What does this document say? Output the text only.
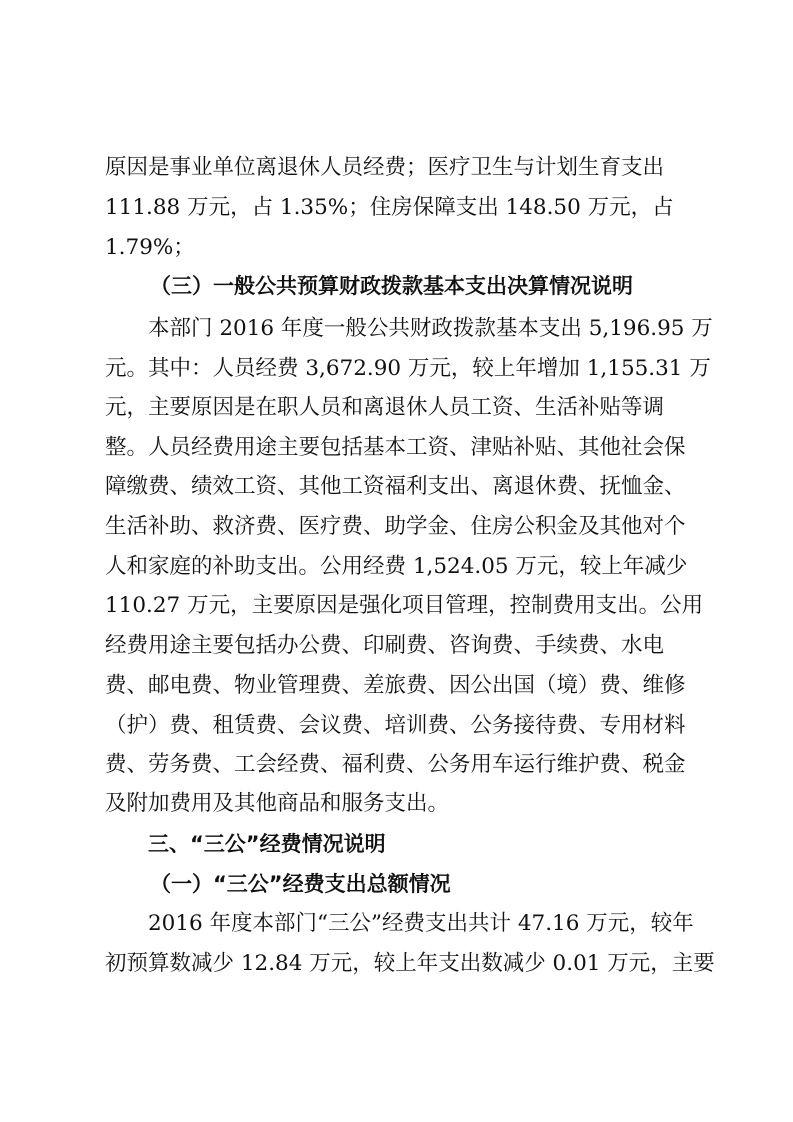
原因是事业单位离退休人员经费；医疗卫生与计划生育支出
111.88 万元，占 1.35%；住房保障支出 148.50 万元，占
1.79%；
（三）一般公共预算财政拨款基本支出决算情况说明
本部门 2016 年度一般公共财政拨款基本支出 5,196.95 万
元。其中：人员经费 3,672.90 万元，较上年增加 1,155.31 万
元，主要原因是在职人员和离退休人员工资、生活补贴等调
整。人员经费用途主要包括基本工资、津贴补贴、其他社会保
障缴费、绩效工资、其他工资福利支出、离退休费、抚恤金、
生活补助、救济费、医疗费、助学金、住房公积金及其他对个
人和家庭的补助支出。公用经费 1,524.05 万元，较上年减少
110.27 万元，主要原因是强化项目管理，控制费用支出。公用
经费用途主要包括办公费、印刷费、咨询费、手续费、水电
费、邮电费、物业管理费、差旅费、因公出国（境）费、维修
（护）费、租赁费、会议费、培训费、公务接待费、专用材料
费、劳务费、工会经费、福利费、公务用车运行维护费、税金
及附加费用及其他商品和服务支出。
三、“三公”经费情况说明
（一）“三公”经费支出总额情况
2016 年度本部门“三公”经费支出共计 47.16 万元，较年
初预算数减少 12.84 万元，较上年支出数减少 0.01 万元，主要
